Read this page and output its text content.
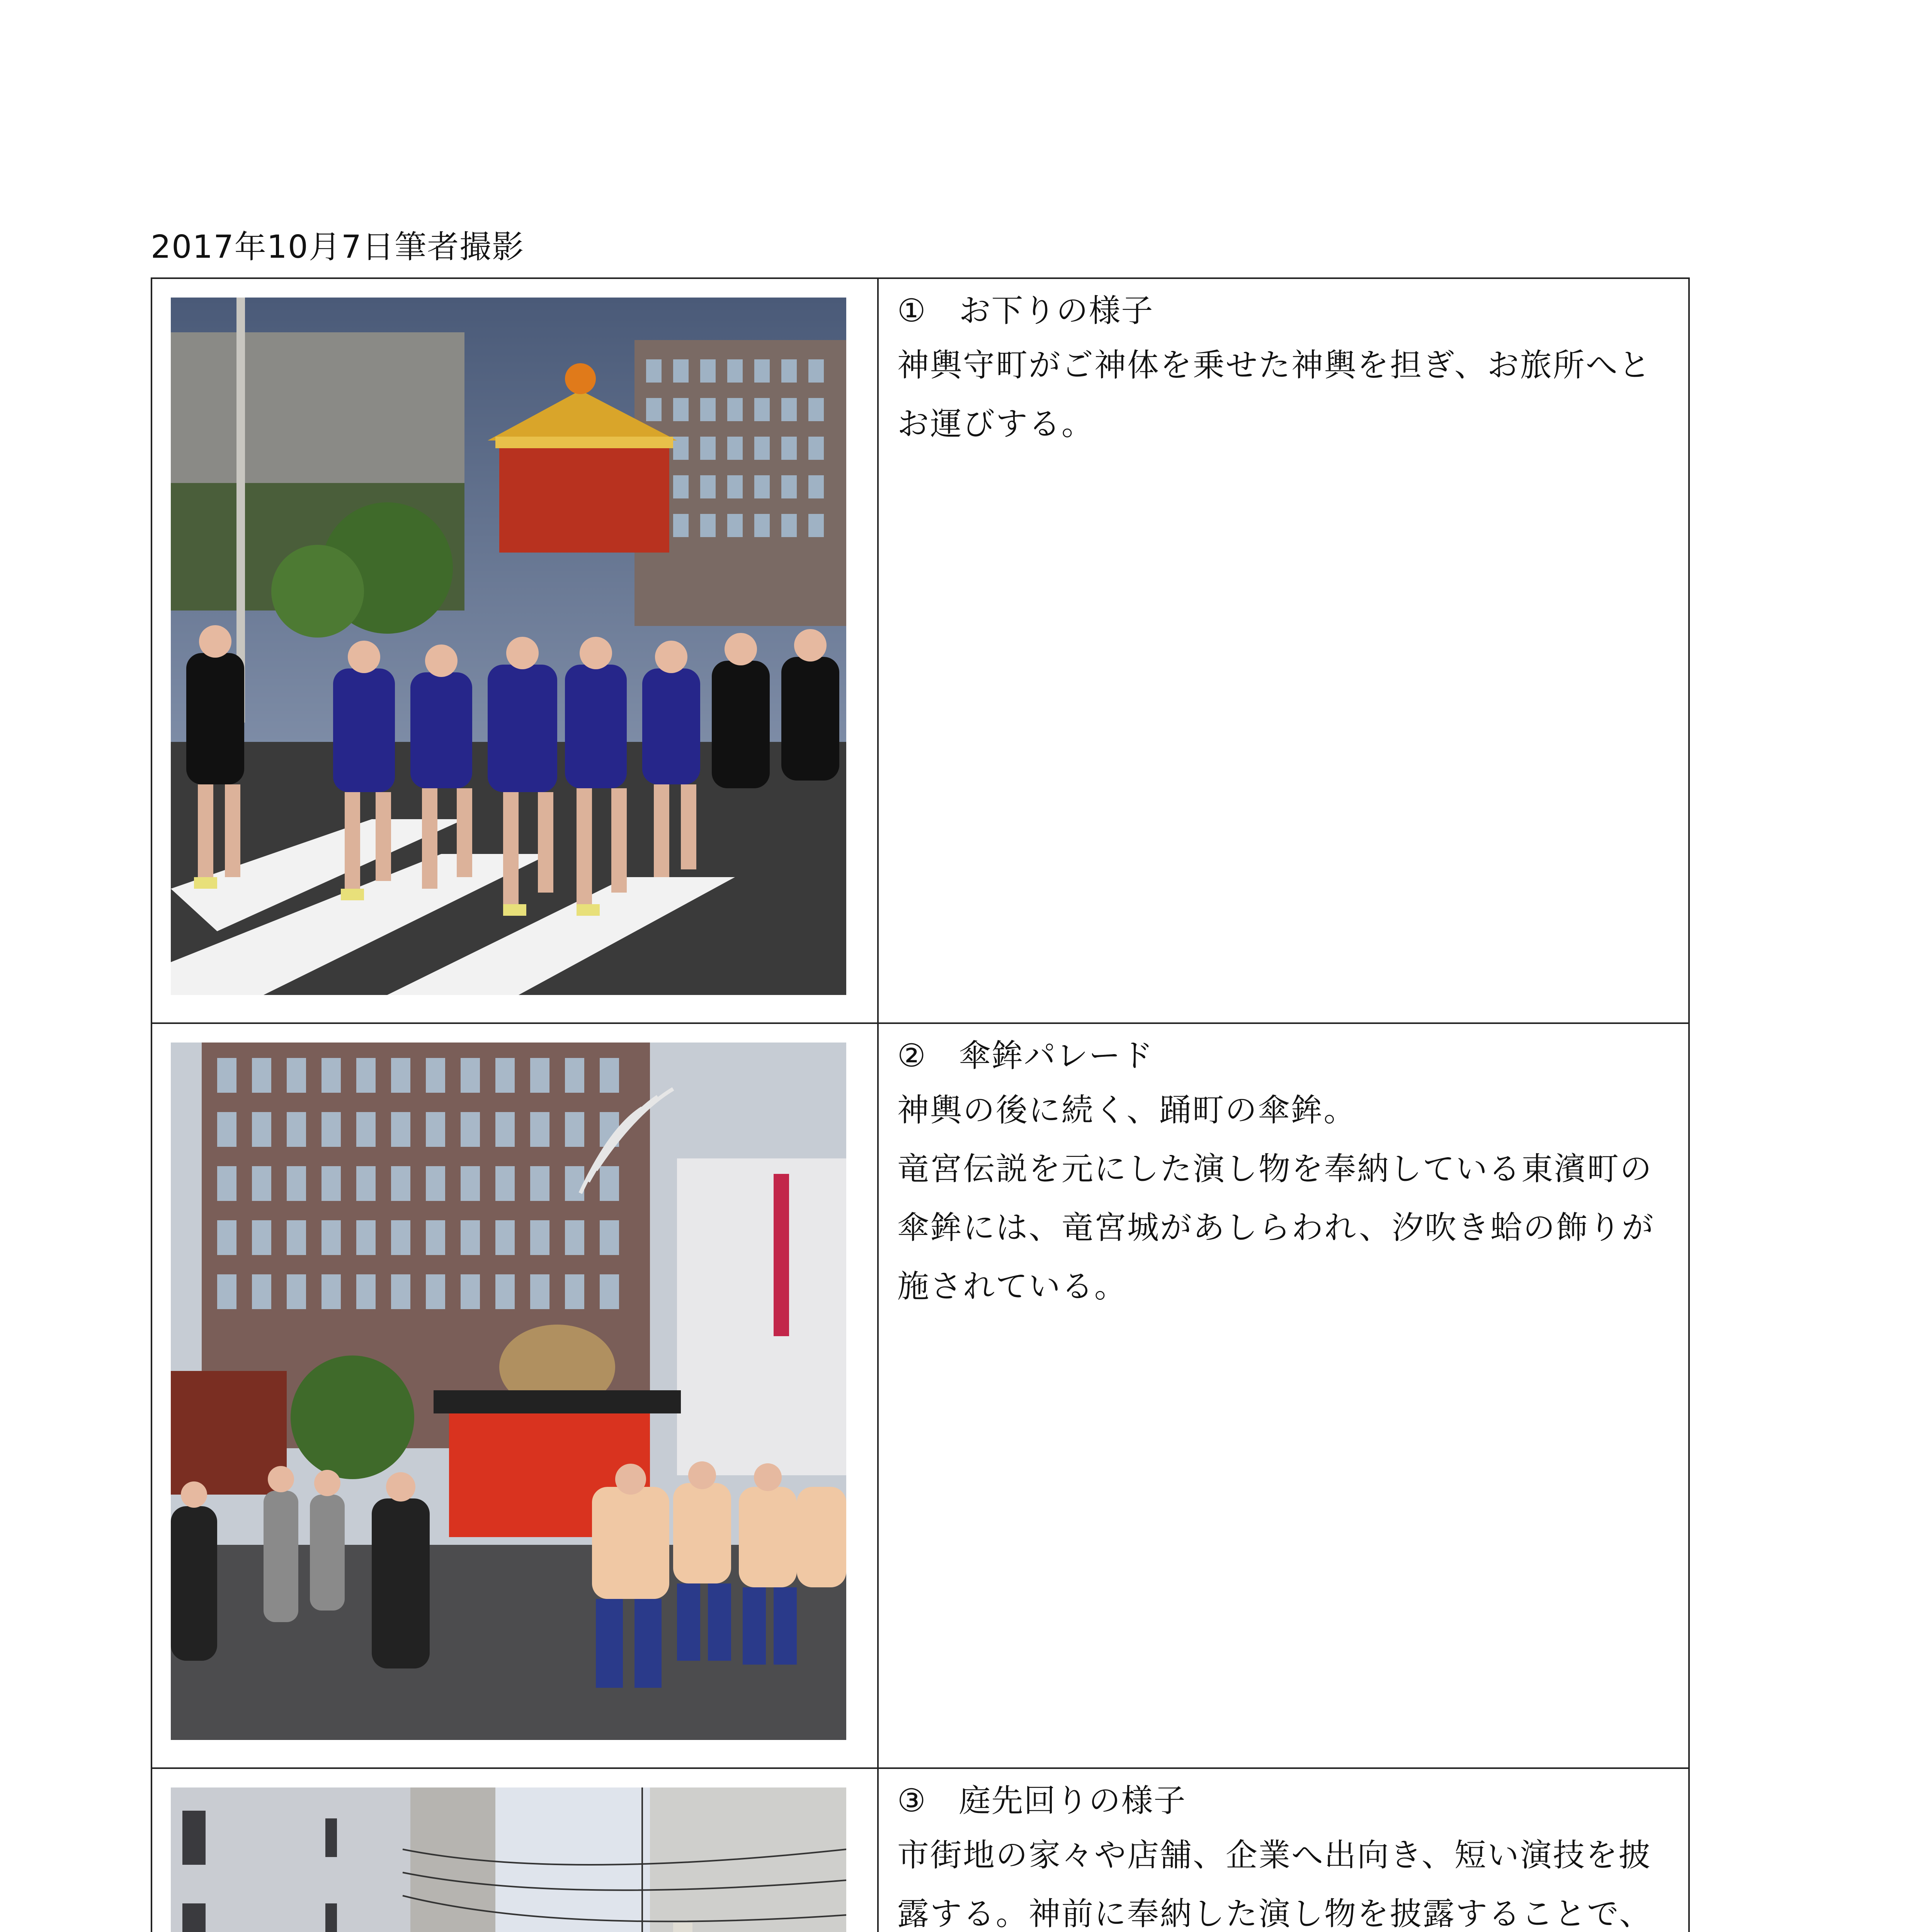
2017年10月7日筆者撮影

①　お下りの様子
神輿守町がご神体を乗せた神輿を担ぎ、お旅所へとお運びする。

②　傘鉾パレード
神輿の後に続く、踊町の傘鉾。
竜宮伝説を元にした演し物を奉納している東濱町の傘鉾には、竜宮城があしらわれ、汐吹き蛤の飾りが施されている。

③　庭先回りの様子
市街地の家々や店舗、企業へ出向き、短い演技を披露する。神前に奉納した演し物を披露することで、
